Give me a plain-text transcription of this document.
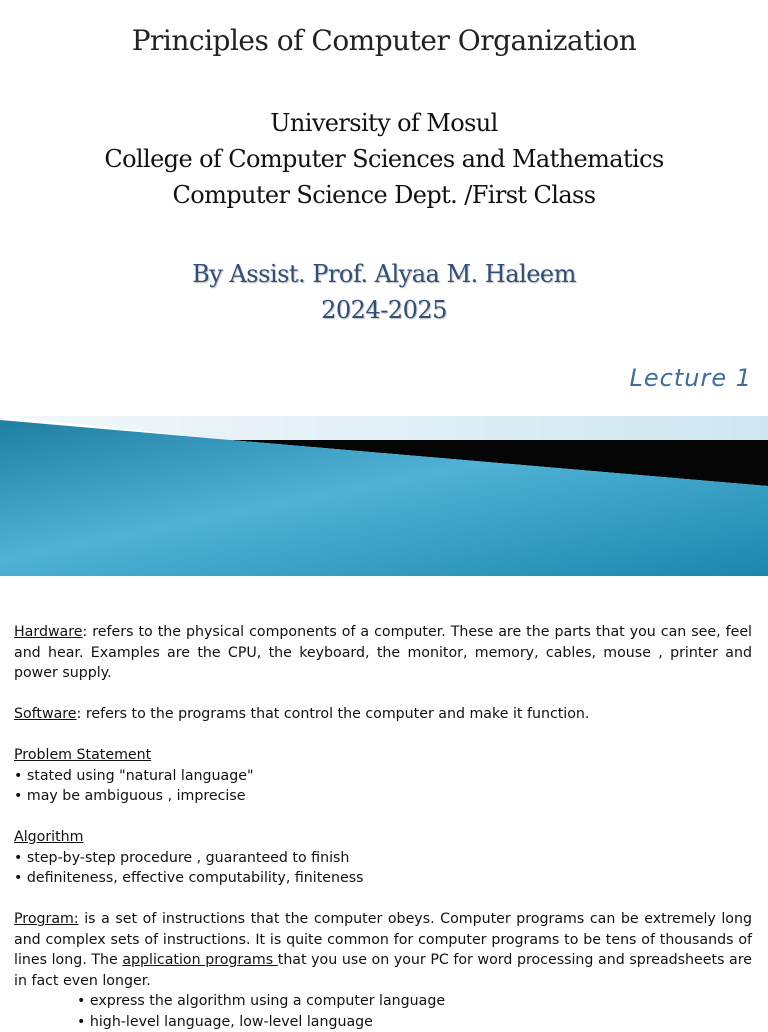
Principles of Computer Organization
University of Mosul
College of Computer Sciences and Mathematics
Computer Science Dept. /First Class
By Assist. Prof. Alyaa M. Haleem
2024-2025
Lecture 1

Hardware: refers to the physical components of a computer. These are the parts that you can see, feel and hear. Examples are the CPU, the keyboard, the monitor, memory, cables, mouse , printer and power supply.

Software: refers to the programs that control the computer and make it function.

Problem Statement

• stated using "natural language"

• may be ambiguous , imprecise

Algorithm

• step-by-step procedure , guaranteed to finish

• definiteness, effective computability, finiteness

Program: is a set of instructions that the computer obeys. Computer programs can be extremely long and complex sets of instructions. It is quite common for computer programs to be tens of thousands of lines long. The application programs that you use on your PC for word processing and spreadsheets are in fact even longer.

• express the algorithm using a computer language

• high-level language, low-level language
